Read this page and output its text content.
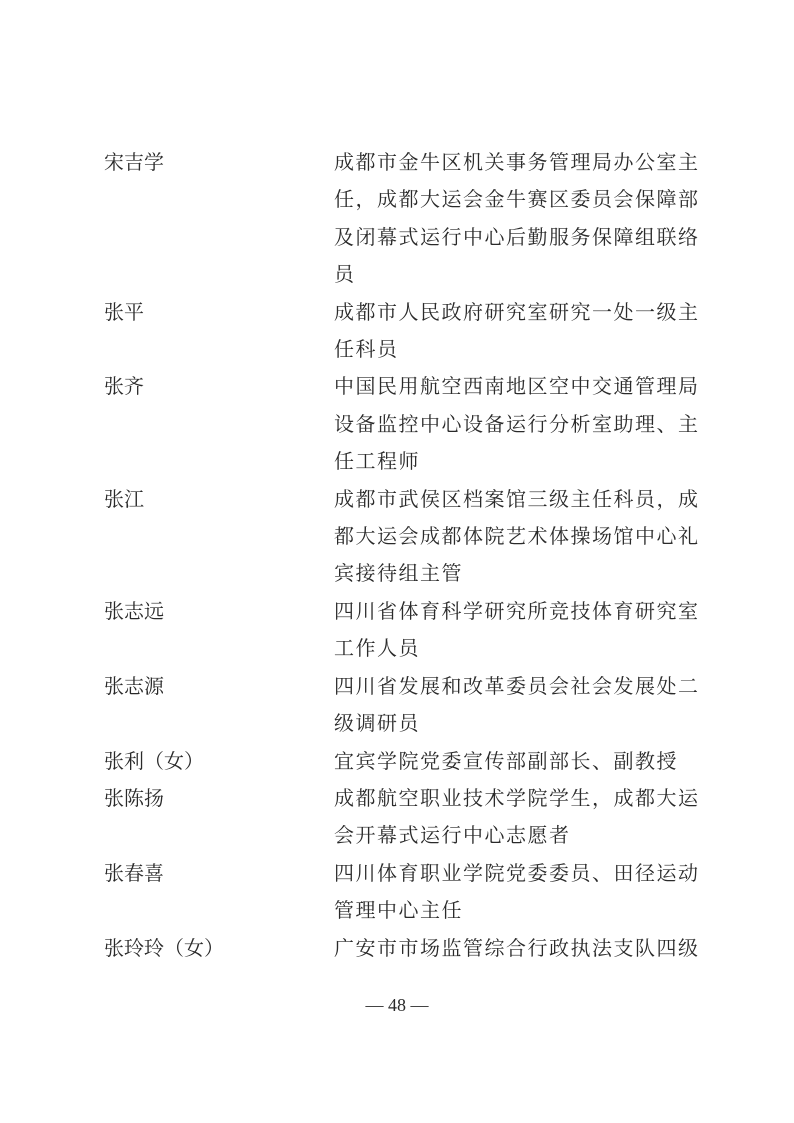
宋吉学	成都市金牛区机关事务管理局办公室主
任，成都大运会金牛赛区委员会保障部
及闭幕式运行中心后勤服务保障组联络
员
张平	成都市人民政府研究室研究一处一级主
任科员
张齐	中国民用航空西南地区空中交通管理局
设备监控中心设备运行分析室助理、主
任工程师
张江	成都市武侯区档案馆三级主任科员，成
都大运会成都体院艺术体操场馆中心礼
宾接待组主管
张志远	四川省体育科学研究所竞技体育研究室
工作人员
张志源	四川省发展和改革委员会社会发展处二
级调研员
张利（女）	宜宾学院党委宣传部副部长、副教授
张陈扬	成都航空职业技术学院学生，成都大运
会开幕式运行中心志愿者
张春喜	四川体育职业学院党委委员、田径运动
管理中心主任
张玲玲（女）	广安市市场监管综合行政执法支队四级
— 48 —
